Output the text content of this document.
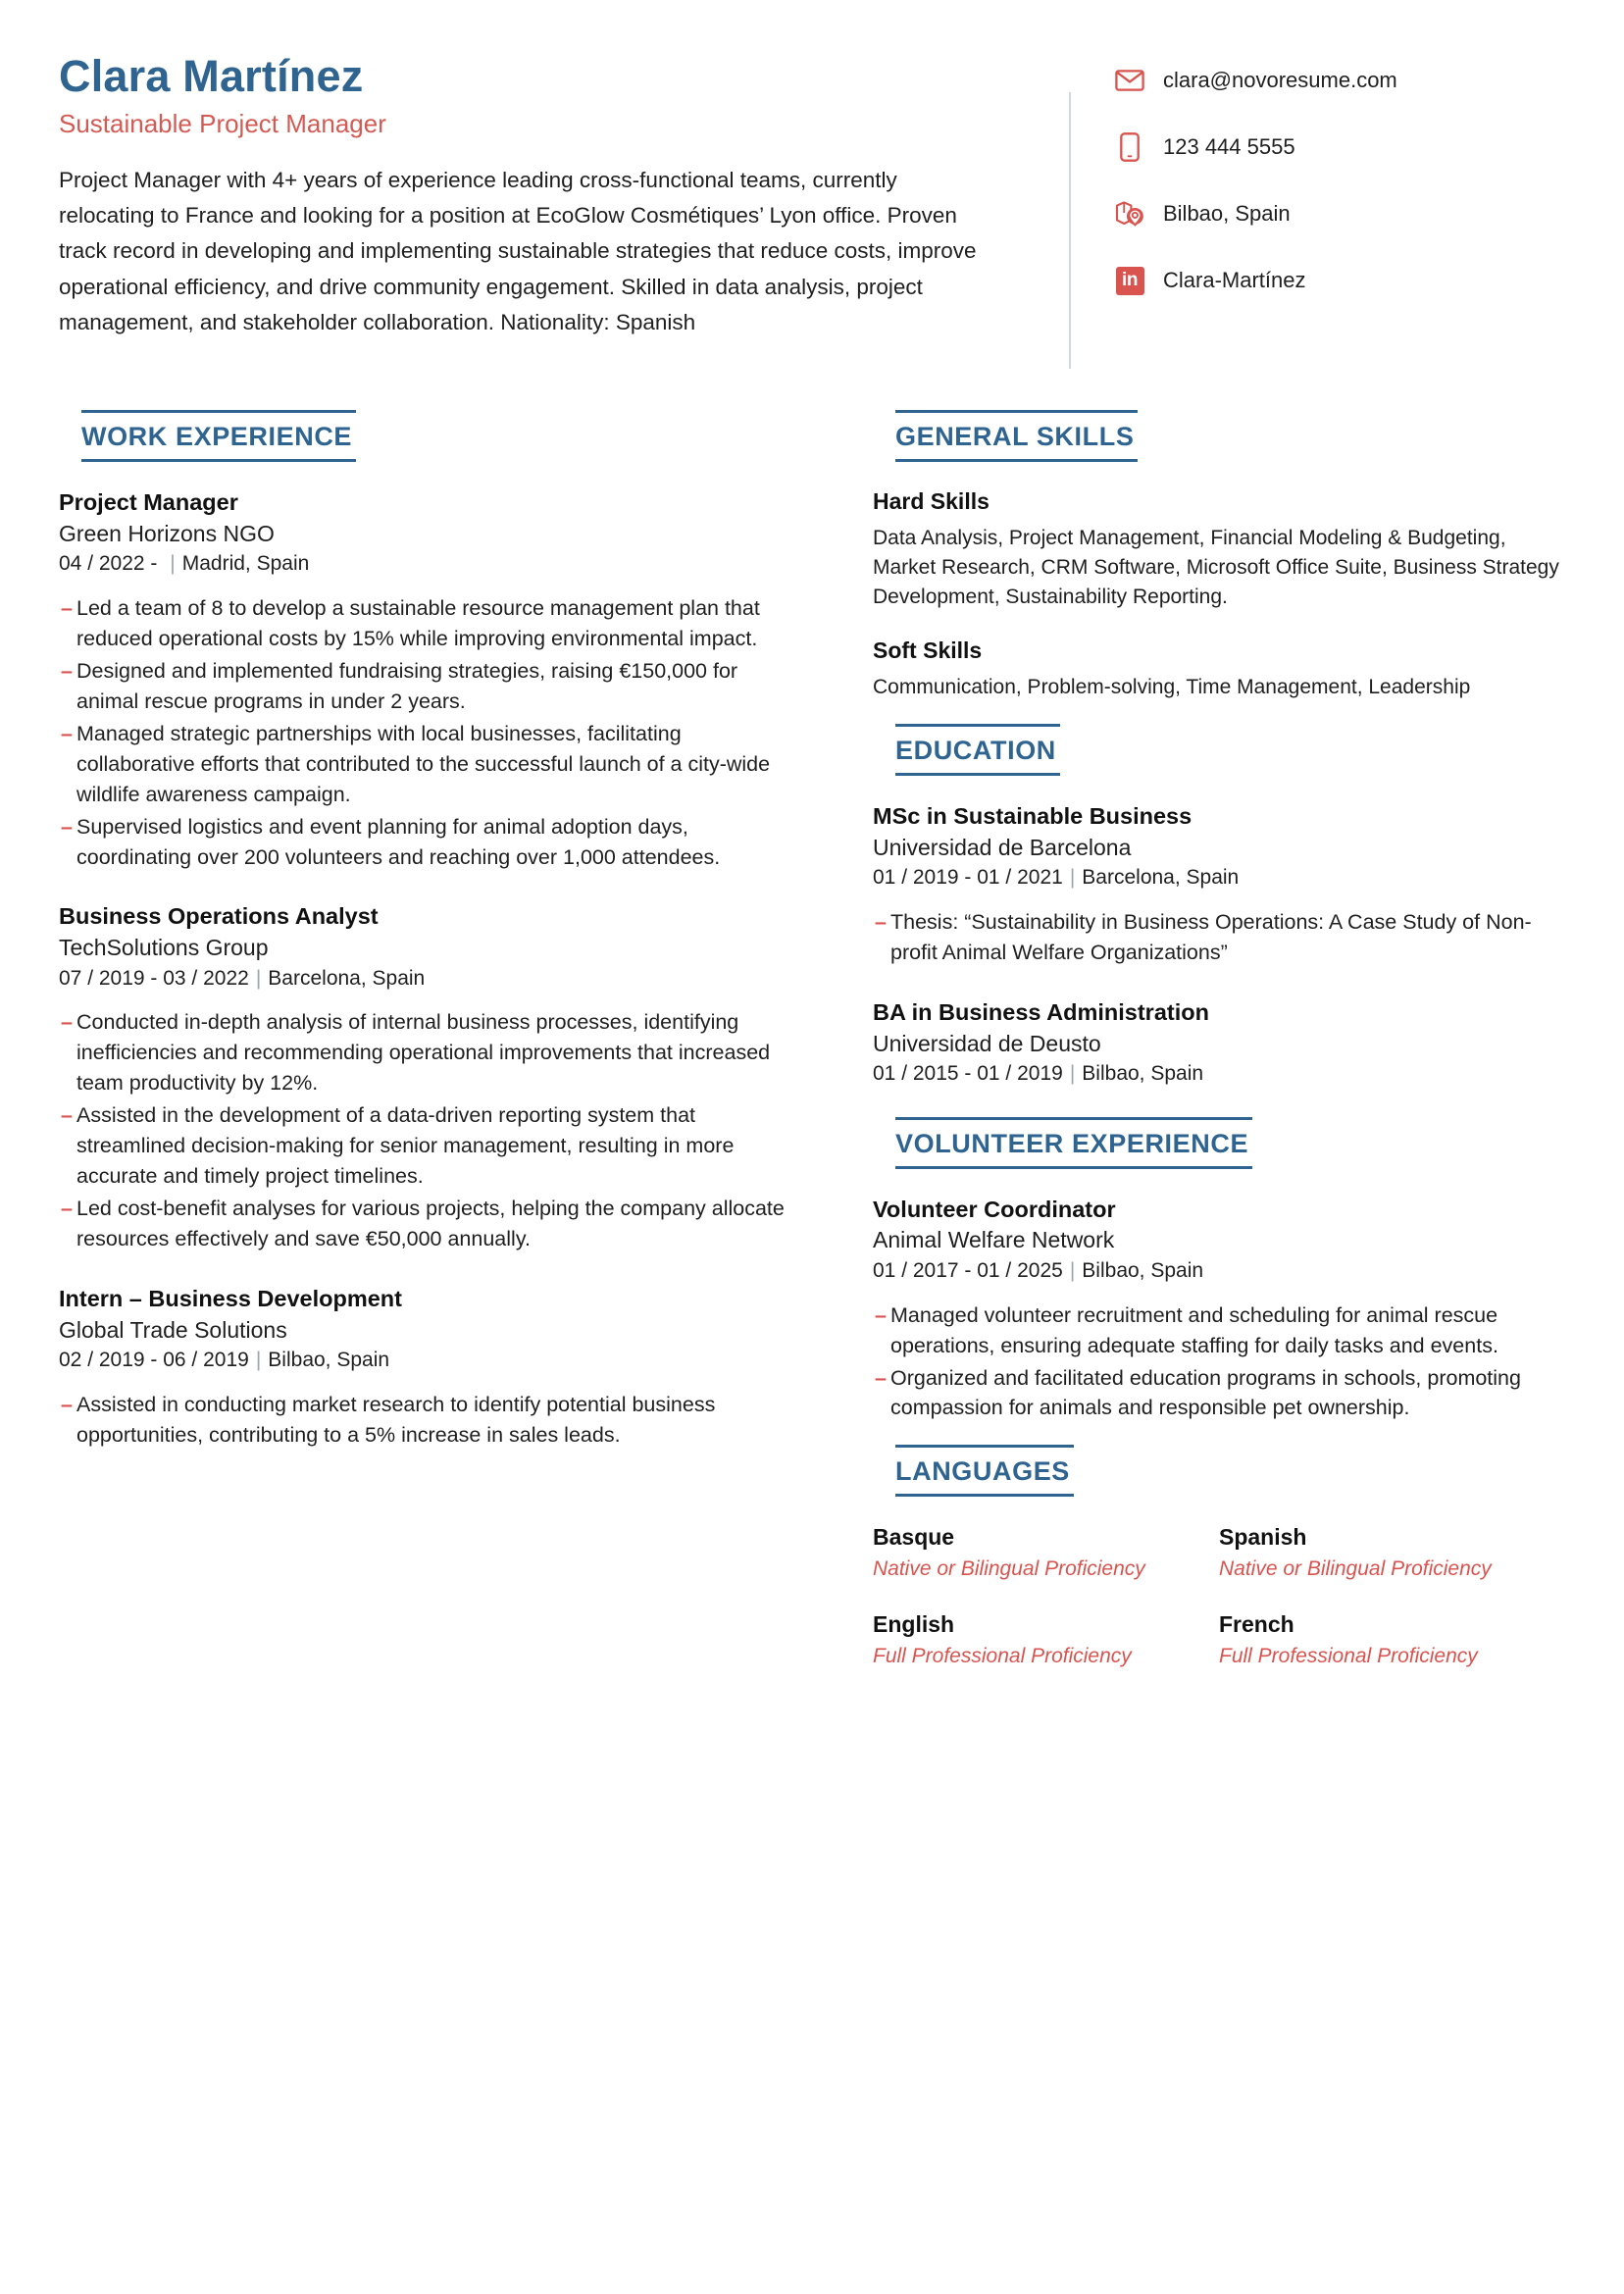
Clara Martínez
Sustainable Project Manager
Project Manager with 4+ years of experience leading cross-functional teams, currently relocating to France and looking for a position at EcoGlow Cosmétiques’ Lyon office. Proven track record in developing and implementing sustainable strategies that reduce costs, improve operational efficiency, and drive community engagement. Skilled in data analysis, project management, and stakeholder collaboration. Nationality: Spanish
clara@novoresume.com
123 444 5555
Bilbao, Spain
in Clara-Martínez
WORK EXPERIENCE
Project Manager
Green Horizons NGO
04 / 2022 - | Madrid, Spain
– Led a team of 8 to develop a sustainable resource management plan that reduced operational costs by 15% while improving environmental impact.
– Designed and implemented fundraising strategies, raising €150,000 for animal rescue programs in under 2 years.
– Managed strategic partnerships with local businesses, facilitating collaborative efforts that contributed to the successful launch of a city-wide wildlife awareness campaign.
– Supervised logistics and event planning for animal adoption days, coordinating over 200 volunteers and reaching over 1,000 attendees.
Business Operations Analyst
TechSolutions Group
07 / 2019 - 03 / 2022 | Barcelona, Spain
– Conducted in-depth analysis of internal business processes, identifying inefficiencies and recommending operational improvements that increased team productivity by 12%.
– Assisted in the development of a data-driven reporting system that streamlined decision-making for senior management, resulting in more accurate and timely project timelines.
– Led cost-benefit analyses for various projects, helping the company allocate resources effectively and save €50,000 annually.
Intern – Business Development
Global Trade Solutions
02 / 2019 - 06 / 2019 | Bilbao, Spain
– Assisted in conducting market research to identify potential business opportunities, contributing to a 5% increase in sales leads.
GENERAL SKILLS
Hard Skills
Data Analysis, Project Management, Financial Modeling & Budgeting, Market Research, CRM Software, Microsoft Office Suite, Business Strategy Development, Sustainability Reporting.
Soft Skills
Communication, Problem-solving, Time Management, Leadership
EDUCATION
MSc in Sustainable Business
Universidad de Barcelona
01 / 2019 - 01 / 2021 | Barcelona, Spain
– Thesis: “Sustainability in Business Operations: A Case Study of Non-profit Animal Welfare Organizations”
BA in Business Administration
Universidad de Deusto
01 / 2015 - 01 / 2019 | Bilbao, Spain
VOLUNTEER EXPERIENCE
Volunteer Coordinator
Animal Welfare Network
01 / 2017 - 01 / 2025 | Bilbao, Spain
– Managed volunteer recruitment and scheduling for animal rescue operations, ensuring adequate staffing for daily tasks and events.
– Organized and facilitated education programs in schools, promoting compassion for animals and responsible pet ownership.
LANGUAGES
Basque
Native or Bilingual Proficiency
Spanish
Native or Bilingual Proficiency
English
Full Professional Proficiency
French
Full Professional Proficiency
